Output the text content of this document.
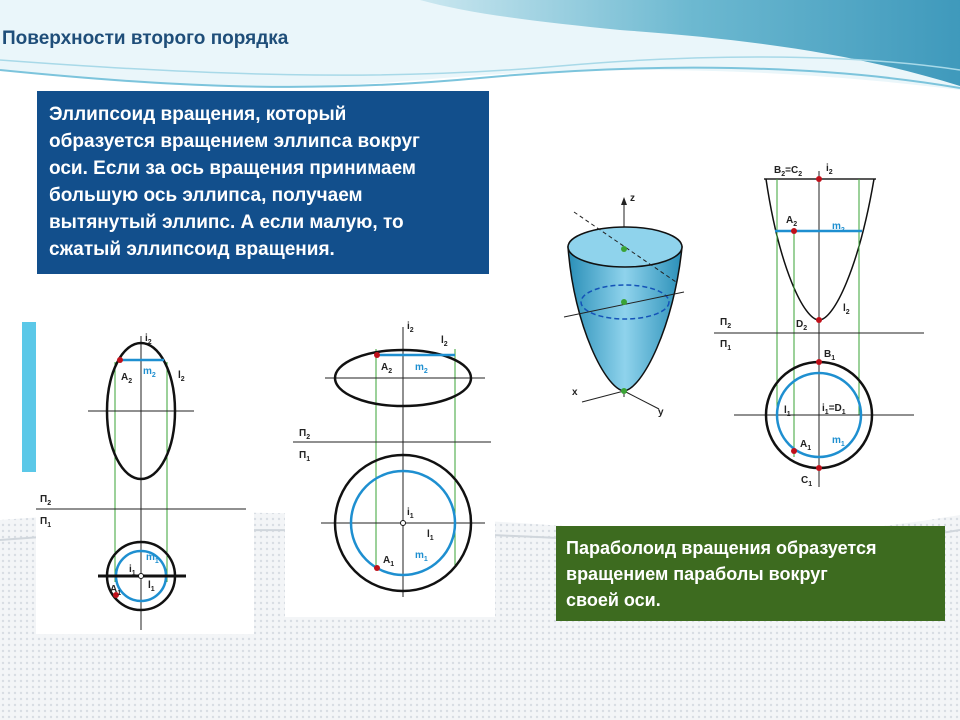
Поверхности второго порядка
Эллипсоид вращения, который
образуется вращением эллипса вокруг
оси. Если за ось вращения принимаем
большую ось эллипса, получаем
вытянутый эллипс. А если малую, то
сжатый эллипсоид вращения.
$i_2$
$l_2$
$m_2$
$A_2$
$П_2$
$П_1$
$m_1$
$i_1$
$l_1$
$A_1$
$i_2$
$l_2$
$A_2$ $m_2$
$П_2$
$П_1$
$i_1$
$l_1$
$m_1$
$A_1$
z
x
y
$B_2=C_2$
$i_2$
$A_2$	$m_2$
$l_2$
$П_2$	$D_2$
$П_1$
$B_1$
$l_1$
$i_1=D_1$
$A_1$
$m_1$
$C_1$
Параболоид вращения образуется
вращением параболы вокруг
своей оси.
